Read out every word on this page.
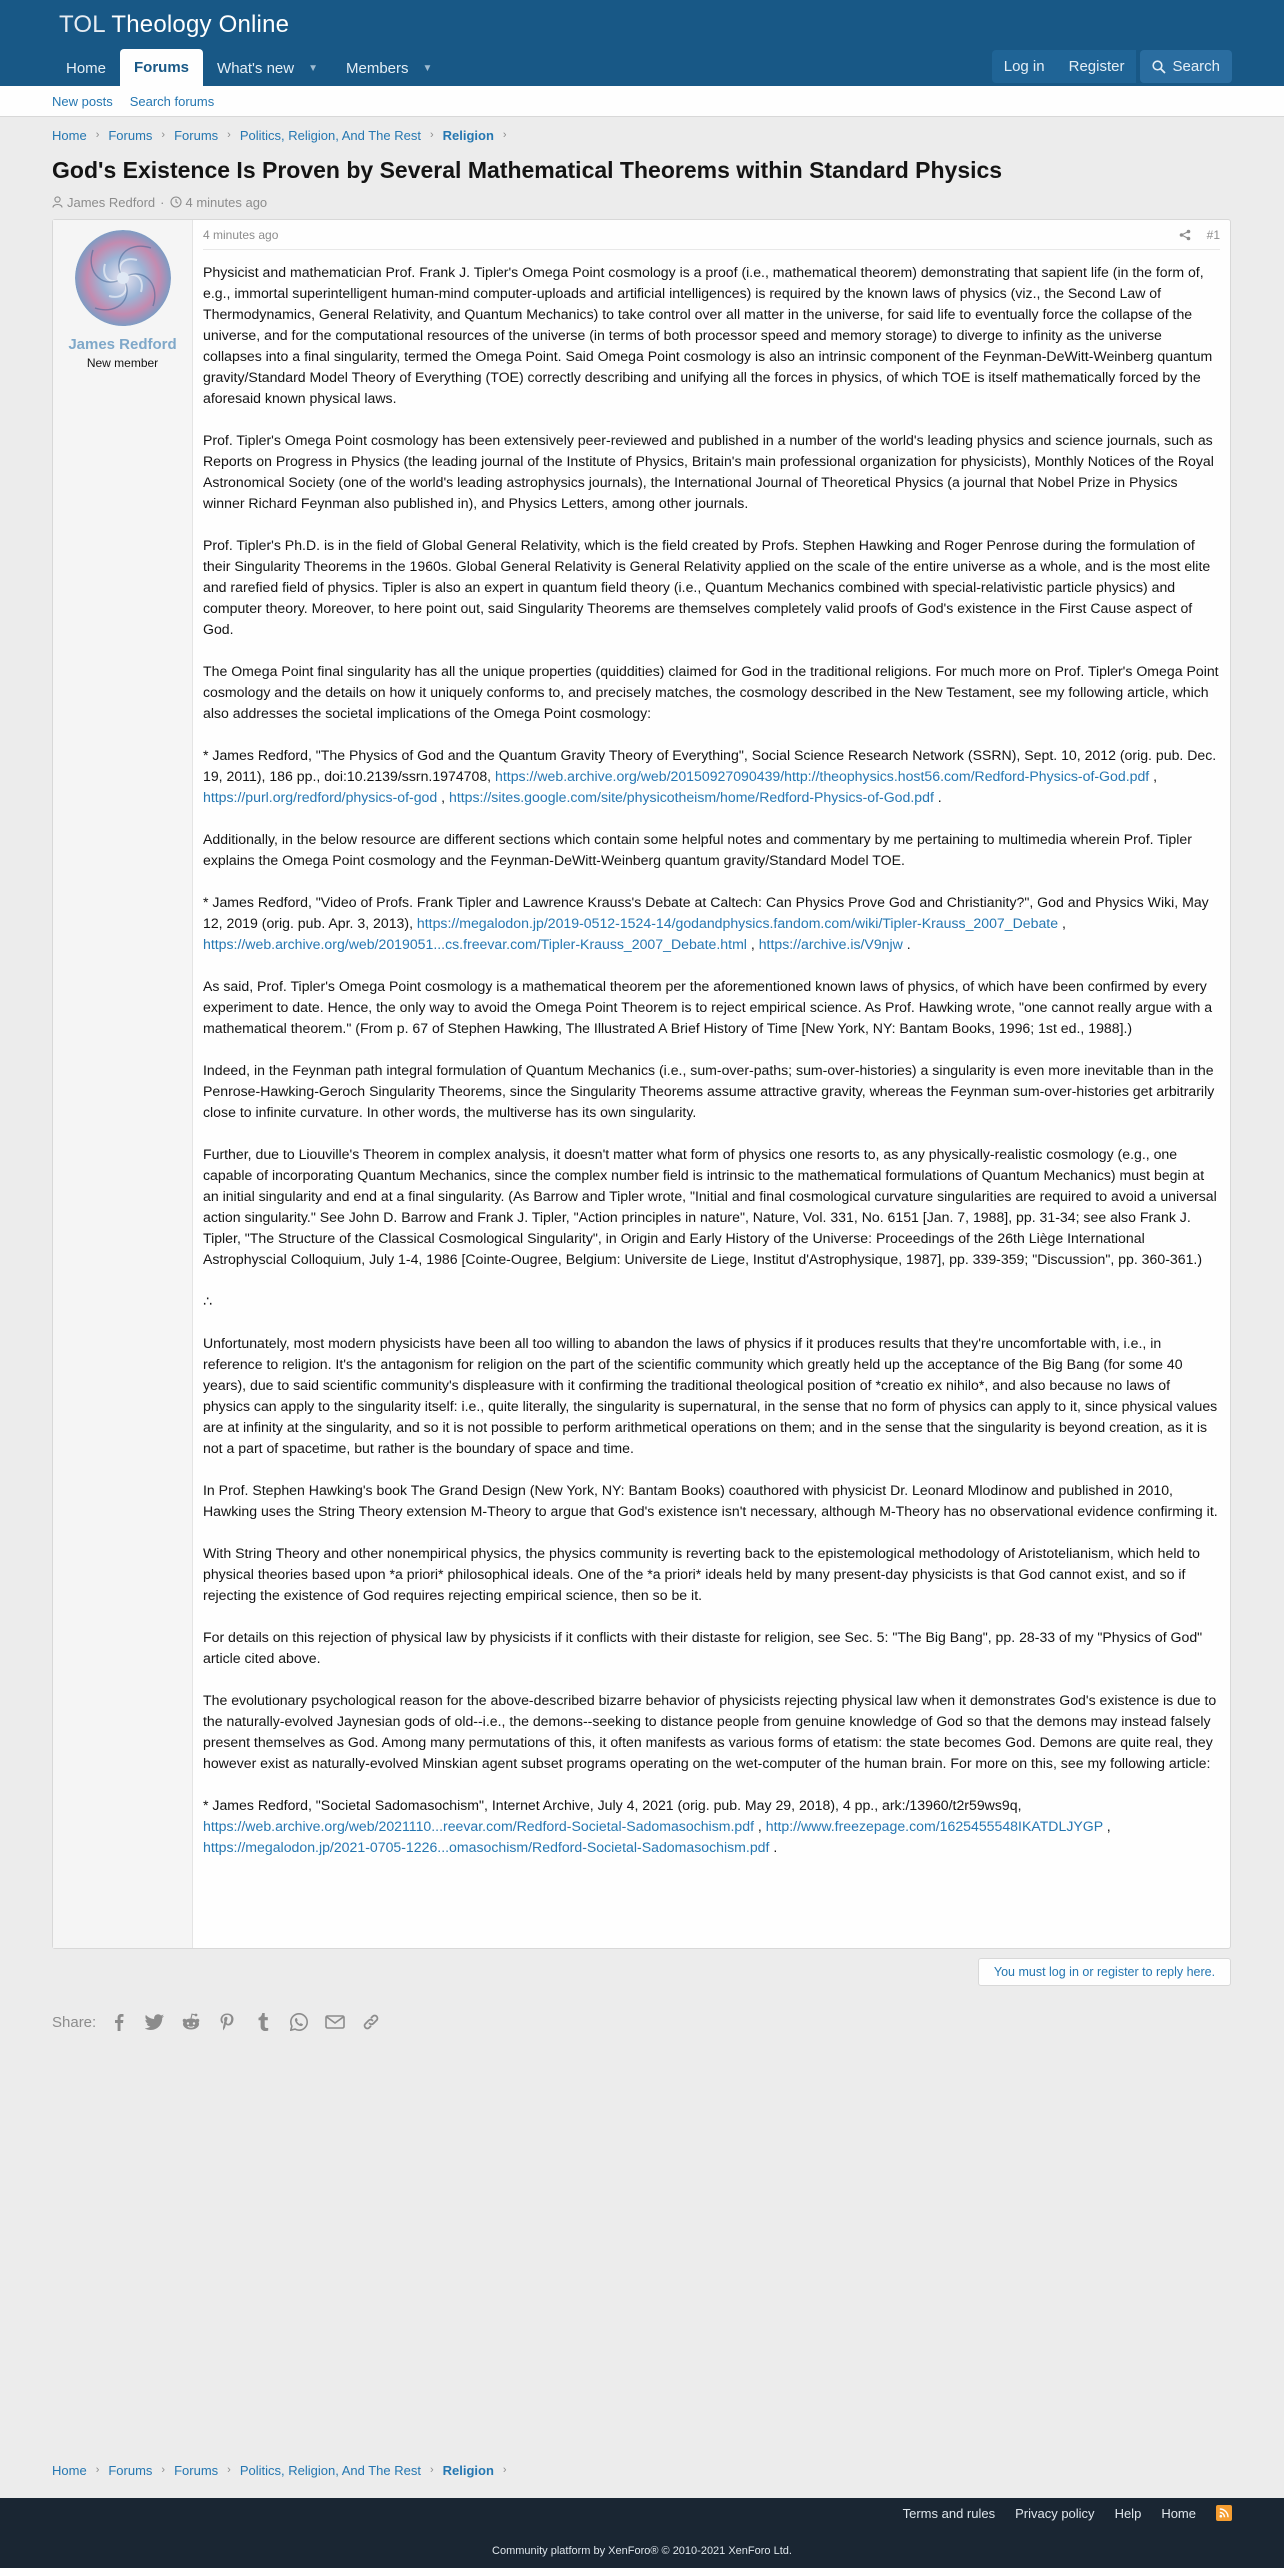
TOL Theology Online
Home	Forums	What's new	▼	Members	▼	Log in	Register	Search
New posts Search forums
Home › Forums › Forums › Politics, Religion, And The Rest › Religion ›
God's Existence Is Proven by Several Mathematical Theorems within Standard Physics
James Redford · 4 minutes ago
James Redford
New member
4 minutes ago	#1

Physicist and mathematician Prof. Frank J. Tipler's Omega Point cosmology is a proof (i.e., mathematical theorem) demonstrating that sapient life (in the form of, e.g., immortal superintelligent human-mind computer-uploads and artificial intelligences) is required by the known laws of physics (viz., the Second Law of Thermodynamics, General Relativity, and Quantum Mechanics) to take control over all matter in the universe, for said life to eventually force the collapse of the universe, and for the computational resources of the universe (in terms of both processor speed and memory storage) to diverge to infinity as the universe collapses into a final singularity, termed the Omega Point. Said Omega Point cosmology is also an intrinsic component of the Feynman-DeWitt-Weinberg quantum gravity/Standard Model Theory of Everything (TOE) correctly describing and unifying all the forces in physics, of which TOE is itself mathematically forced by the aforesaid known physical laws.

Prof. Tipler's Omega Point cosmology has been extensively peer-reviewed and published in a number of the world's leading physics and science journals, such as Reports on Progress in Physics (the leading journal of the Institute of Physics, Britain's main professional organization for physicists), Monthly Notices of the Royal Astronomical Society (one of the world's leading astrophysics journals), the International Journal of Theoretical Physics (a journal that Nobel Prize in Physics winner Richard Feynman also published in), and Physics Letters, among other journals.

Prof. Tipler's Ph.D. is in the field of Global General Relativity, which is the field created by Profs. Stephen Hawking and Roger Penrose during the formulation of their Singularity Theorems in the 1960s. Global General Relativity is General Relativity applied on the scale of the entire universe as a whole, and is the most elite and rarefied field of physics. Tipler is also an expert in quantum field theory (i.e., Quantum Mechanics combined with special-relativistic particle physics) and computer theory. Moreover, to here point out, said Singularity Theorems are themselves completely valid proofs of God's existence in the First Cause aspect of God.

The Omega Point final singularity has all the unique properties (quiddities) claimed for God in the traditional religions. For much more on Prof. Tipler's Omega Point cosmology and the details on how it uniquely conforms to, and precisely matches, the cosmology described in the New Testament, see my following article, which also addresses the societal implications of the Omega Point cosmology:

* James Redford, "The Physics of God and the Quantum Gravity Theory of Everything", Social Science Research Network (SSRN), Sept. 10, 2012 (orig. pub. Dec. 19, 2011), 186 pp., doi:10.2139/ssrn.1974708, https://web.archive.org/web/20150927090439/http://theophysics.host56.com/Redford-Physics-of-God.pdf , https://purl.org/redford/physics-of-god , https://sites.google.com/site/physicotheism/home/Redford-Physics-of-God.pdf .

Additionally, in the below resource are different sections which contain some helpful notes and commentary by me pertaining to multimedia wherein Prof. Tipler explains the Omega Point cosmology and the Feynman-DeWitt-Weinberg quantum gravity/Standard Model TOE.

* James Redford, "Video of Profs. Frank Tipler and Lawrence Krauss's Debate at Caltech: Can Physics Prove God and Christianity?", God and Physics Wiki, May 12, 2019 (orig. pub. Apr. 3, 2013), https://megalodon.jp/2019-0512-1524-14/godandphysics.fandom.com/wiki/Tipler-Krauss_2007_Debate , https://web.archive.org/web/2019051...cs.freevar.com/Tipler-Krauss_2007_Debate.html , https://archive.is/V9njw .

As said, Prof. Tipler's Omega Point cosmology is a mathematical theorem per the aforementioned known laws of physics, of which have been confirmed by every experiment to date. Hence, the only way to avoid the Omega Point Theorem is to reject empirical science. As Prof. Hawking wrote, "one cannot really argue with a mathematical theorem." (From p. 67 of Stephen Hawking, The Illustrated A Brief History of Time [New York, NY: Bantam Books, 1996; 1st ed., 1988].)

Indeed, in the Feynman path integral formulation of Quantum Mechanics (i.e., sum-over-paths; sum-over-histories) a singularity is even more inevitable than in the Penrose-Hawking-Geroch Singularity Theorems, since the Singularity Theorems assume attractive gravity, whereas the Feynman sum-over-histories get arbitrarily close to infinite curvature. In other words, the multiverse has its own singularity.

Further, due to Liouville's Theorem in complex analysis, it doesn't matter what form of physics one resorts to, as any physically-realistic cosmology (e.g., one capable of incorporating Quantum Mechanics, since the complex number field is intrinsic to the mathematical formulations of Quantum Mechanics) must begin at an initial singularity and end at a final singularity. (As Barrow and Tipler wrote, "Initial and final cosmological curvature singularities are required to avoid a universal action singularity." See John D. Barrow and Frank J. Tipler, "Action principles in nature", Nature, Vol. 331, No. 6151 [Jan. 7, 1988], pp. 31-34; see also Frank J. Tipler, "The Structure of the Classical Cosmological Singularity", in Origin and Early History of the Universe: Proceedings of the 26th Liège International Astrophyscial Colloquium, July 1-4, 1986 [Cointe-Ougree, Belgium: Universite de Liege, Institut d'Astrophysique, 1987], pp. 339-359; "Discussion", pp. 360-361.)

∴

Unfortunately, most modern physicists have been all too willing to abandon the laws of physics if it produces results that they're uncomfortable with, i.e., in reference to religion. It's the antagonism for religion on the part of the scientific community which greatly held up the acceptance of the Big Bang (for some 40 years), due to said scientific community's displeasure with it confirming the traditional theological position of *creatio ex nihilo*, and also because no laws of physics can apply to the singularity itself: i.e., quite literally, the singularity is supernatural, in the sense that no form of physics can apply to it, since physical values are at infinity at the singularity, and so it is not possible to perform arithmetical operations on them; and in the sense that the singularity is beyond creation, as it is not a part of spacetime, but rather is the boundary of space and time.

In Prof. Stephen Hawking's book The Grand Design (New York, NY: Bantam Books) coauthored with physicist Dr. Leonard Mlodinow and published in 2010, Hawking uses the String Theory extension M-Theory to argue that God's existence isn't necessary, although M-Theory has no observational evidence confirming it.

With String Theory and other nonempirical physics, the physics community is reverting back to the epistemological methodology of Aristotelianism, which held to physical theories based upon *a priori* philosophical ideals. One of the *a priori* ideals held by many present-day physicists is that God cannot exist, and so if rejecting the existence of God requires rejecting empirical science, then so be it.

For details on this rejection of physical law by physicists if it conflicts with their distaste for religion, see Sec. 5: "The Big Bang", pp. 28-33 of my "Physics of God" article cited above.

The evolutionary psychological reason for the above-described bizarre behavior of physicists rejecting physical law when it demonstrates God's existence is due to the naturally-evolved Jaynesian gods of old--i.e., the demons--seeking to distance people from genuine knowledge of God so that the demons may instead falsely present themselves as God. Among many permutations of this, it often manifests as various forms of etatism: the state becomes God. Demons are quite real, they however exist as naturally-evolved Minskian agent subset programs operating on the wet-computer of the human brain. For more on this, see my following article:

* James Redford, "Societal Sadomasochism", Internet Archive, July 4, 2021 (orig. pub. May 29, 2018), 4 pp., ark:/13960/t2r59ws9q, https://web.archive.org/web/2021110...reevar.com/Redford-Societal-Sadomasochism.pdf , http://www.freezepage.com/1625455548IKATDLJYGP , https://megalodon.jp/2021-0705-1226...omasochism/Redford-Societal-Sadomasochism.pdf .

You must log in or register to reply here.
Share:
Home › Forums › Forums › Politics, Religion, And The Rest › Religion ›
Terms and rules Privacy policy Help Home
Community platform by XenForo® © 2010-2021 XenForo Ltd.
